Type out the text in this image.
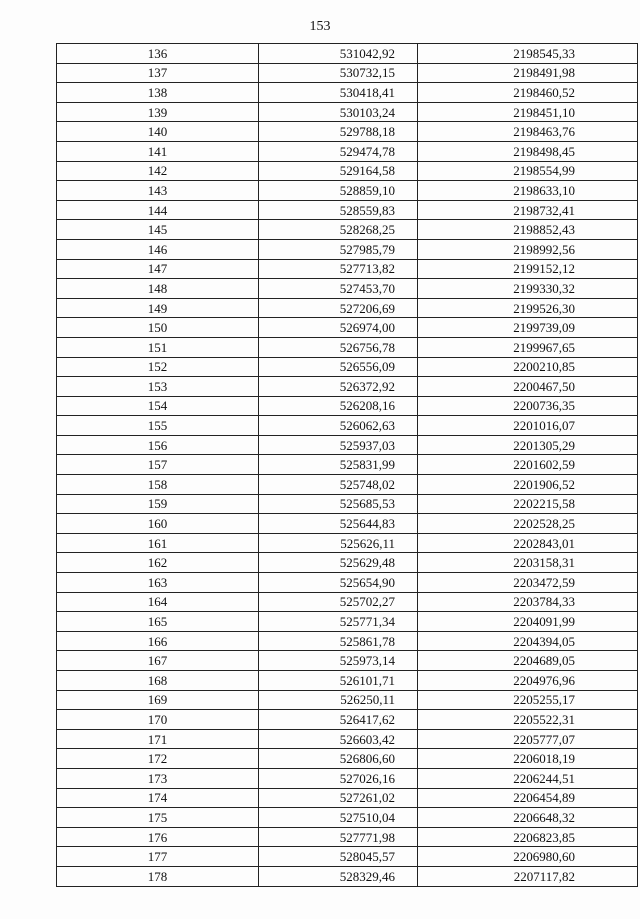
153
136	531042,92	2198545,33
137	530732,15	2198491,98
138	530418,41	2198460,52
139	530103,24	2198451,10
140	529788,18	2198463,76
141	529474,78	2198498,45
142	529164,58	2198554,99
143	528859,10	2198633,10
144	528559,83	2198732,41
145	528268,25	2198852,43
146	527985,79	2198992,56
147	527713,82	2199152,12
148	527453,70	2199330,32
149	527206,69	2199526,30
150	526974,00	2199739,09
151	526756,78	2199967,65
152	526556,09	2200210,85
153	526372,92	2200467,50
154	526208,16	2200736,35
155	526062,63	2201016,07
156	525937,03	2201305,29
157	525831,99	2201602,59
158	525748,02	2201906,52
159	525685,53	2202215,58
160	525644,83	2202528,25
161	525626,11	2202843,01
162	525629,48	2203158,31
163	525654,90	2203472,59
164	525702,27	2203784,33
165	525771,34	2204091,99
166	525861,78	2204394,05
167	525973,14	2204689,05
168	526101,71	2204976,96
169	526250,11	2205255,17
170	526417,62	2205522,31
171	526603,42	2205777,07
172	526806,60	2206018,19
173	527026,16	2206244,51
174	527261,02	2206454,89
175	527510,04	2206648,32
176	527771,98	2206823,85
177	528045,57	2206980,60
178	528329,46	2207117,82
